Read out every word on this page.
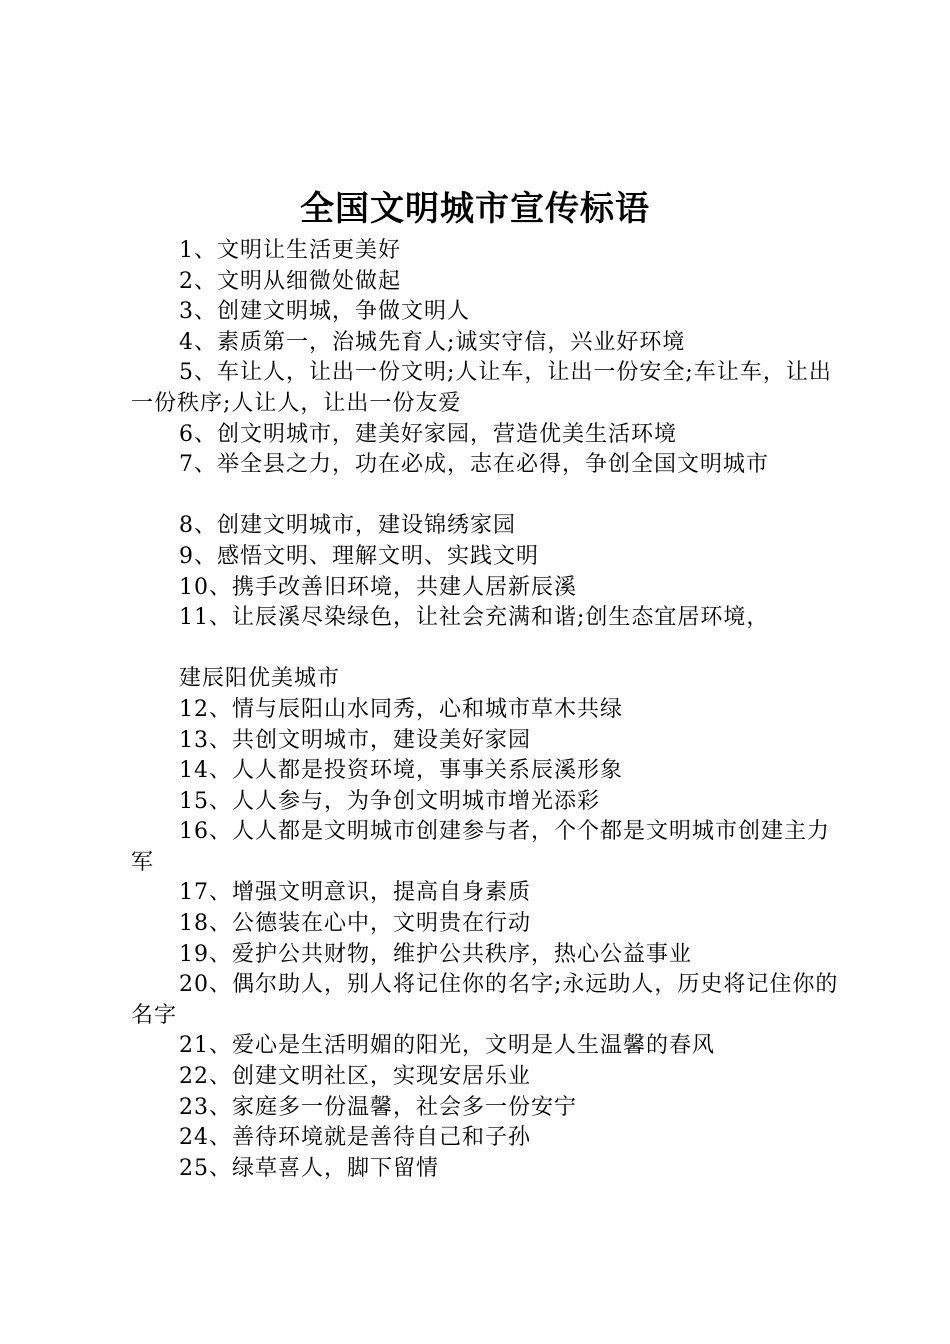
全国文明城市宣传标语

1、文明让生活更美好

2、文明从细微处做起

3、创建文明城，争做文明人

4、素质第一，治城先育人;诚实守信，兴业好环境

5、车让人，让出一份文明;人让车，让出一份安全;车让车，让出一份秩序;人让人，让出一份友爱

6、创文明城市，建美好家园，营造优美生活环境

7、举全县之力，功在必成，志在必得，争创全国文明城市

8、创建文明城市，建设锦绣家园

9、感悟文明、理解文明、实践文明

10、携手改善旧环境，共建人居新辰溪

11、让辰溪尽染绿色，让社会充满和谐;创生态宜居环境，

建辰阳优美城市

12、情与辰阳山水同秀，心和城市草木共绿

13、共创文明城市，建设美好家园

14、人人都是投资环境，事事关系辰溪形象

15、人人参与，为争创文明城市增光添彩

16、人人都是文明城市创建参与者，个个都是文明城市创建主力军

17、增强文明意识，提高自身素质

18、公德装在心中，文明贵在行动

19、爱护公共财物，维护公共秩序，热心公益事业

20、偶尔助人，别人将记住你的名字;永远助人，历史将记住你的名字

21、爱心是生活明媚的阳光，文明是人生温馨的春风

22、创建文明社区，实现安居乐业

23、家庭多一份温馨，社会多一份安宁

24、善待环境就是善待自己和子孙

25、绿草喜人，脚下留情
